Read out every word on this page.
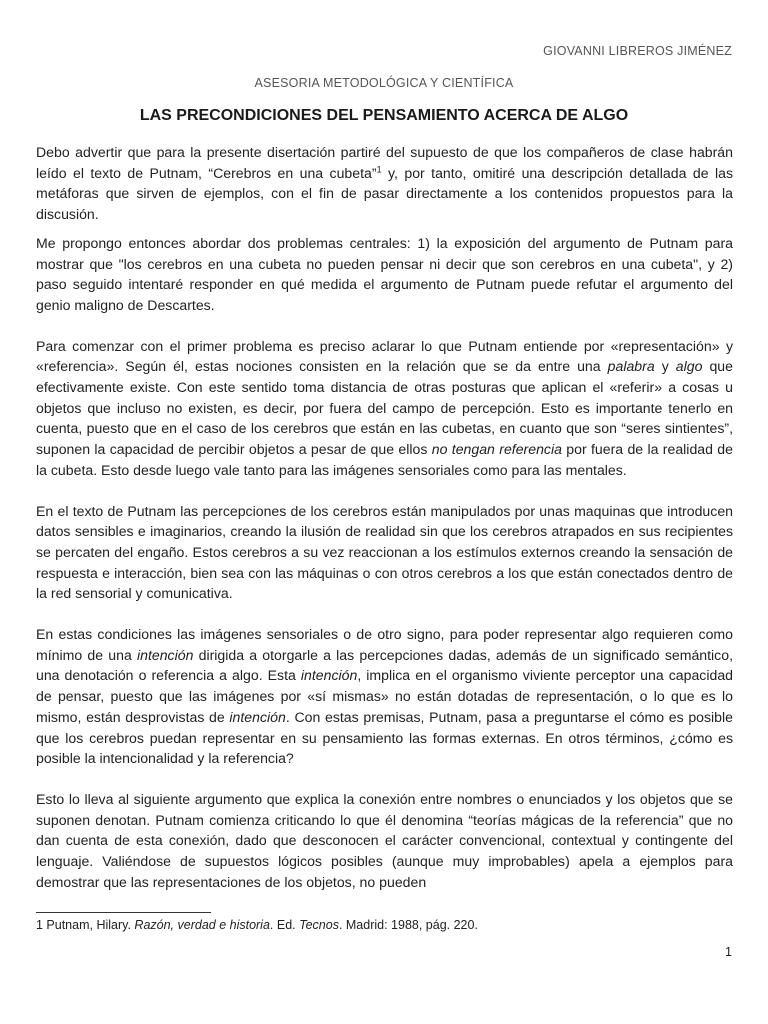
GIOVANNI LIBREROS JIMÉNEZ
ASESORIA METODOLÓGICA Y CIENTÍFICA
LAS PRECONDICIONES DEL PENSAMIENTO ACERCA DE ALGO

Debo advertir que para la presente disertación partiré del supuesto de que los compañeros de clase habrán leído el texto de Putnam, “Cerebros en una cubeta”$^1$ y, por tanto, omitiré una descripción detallada de las metáforas que sirven de ejemplos, con el fin de pasar directamente a los contenidos propuestos para la discusión.

Me propongo entonces abordar dos problemas centrales: 1) la exposición del argumento de Putnam para mostrar que "los cerebros en una cubeta no pueden pensar ni decir que son cerebros en una cubeta", y 2) paso seguido intentaré responder en qué medida el argumento de Putnam puede refutar el argumento del genio maligno de Descartes.

Para comenzar con el primer problema es preciso aclarar lo que Putnam entiende por «representación» y «referencia». Según él, estas nociones consisten en la relación que se da entre una palabra y algo que efectivamente existe. Con este sentido toma distancia de otras posturas que aplican el «referir» a cosas u objetos que incluso no existen, es decir, por fuera del campo de percepción. Esto es importante tenerlo en cuenta, puesto que en el caso de los cerebros que están en las cubetas, en cuanto que son “seres sintientes”, suponen la capacidad de percibir objetos a pesar de que ellos no tengan referencia por fuera de la realidad de la cubeta. Esto desde luego vale tanto para las imágenes sensoriales como para las mentales.

En el texto de Putnam las percepciones de los cerebros están manipulados por unas maquinas que introducen datos sensibles e imaginarios, creando la ilusión de realidad sin que los cerebros atrapados en sus recipientes se percaten del engaño. Estos cerebros a su vez reaccionan a los estímulos externos creando la sensación de respuesta e interacción, bien sea con las máquinas o con otros cerebros a los que están conectados dentro de la red sensorial y comunicativa.

En estas condiciones las imágenes sensoriales o de otro signo, para poder representar algo requieren como mínimo de una intención dirigida a otorgarle a las percepciones dadas, además de un significado semántico, una denotación o referencia a algo. Esta intención, implica en el organismo viviente perceptor una capacidad de pensar, puesto que las imágenes por «sí mismas» no están dotadas de representación, o lo que es lo mismo, están desprovistas de intención. Con estas premisas, Putnam, pasa a preguntarse el cómo es posible que los cerebros puedan representar en su pensamiento las formas externas. En otros términos, ¿cómo es posible la intencionalidad y la referencia?

Esto lo lleva al siguiente argumento que explica la conexión entre nombres o enunciados y los objetos que se suponen denotan. Putnam comienza criticando lo que él denomina “teorías mágicas de la referencia” que no dan cuenta de esta conexión, dado que desconocen el carácter convencional, contextual y contingente del lenguaje. Valiéndose de supuestos lógicos posibles (aunque muy improbables) apela a ejemplos para demostrar que las representaciones de los objetos, no pueden

1 Putnam, Hilary. Razón, verdad e historia. Ed. Tecnos. Madrid: 1988, pág. 220.
1
